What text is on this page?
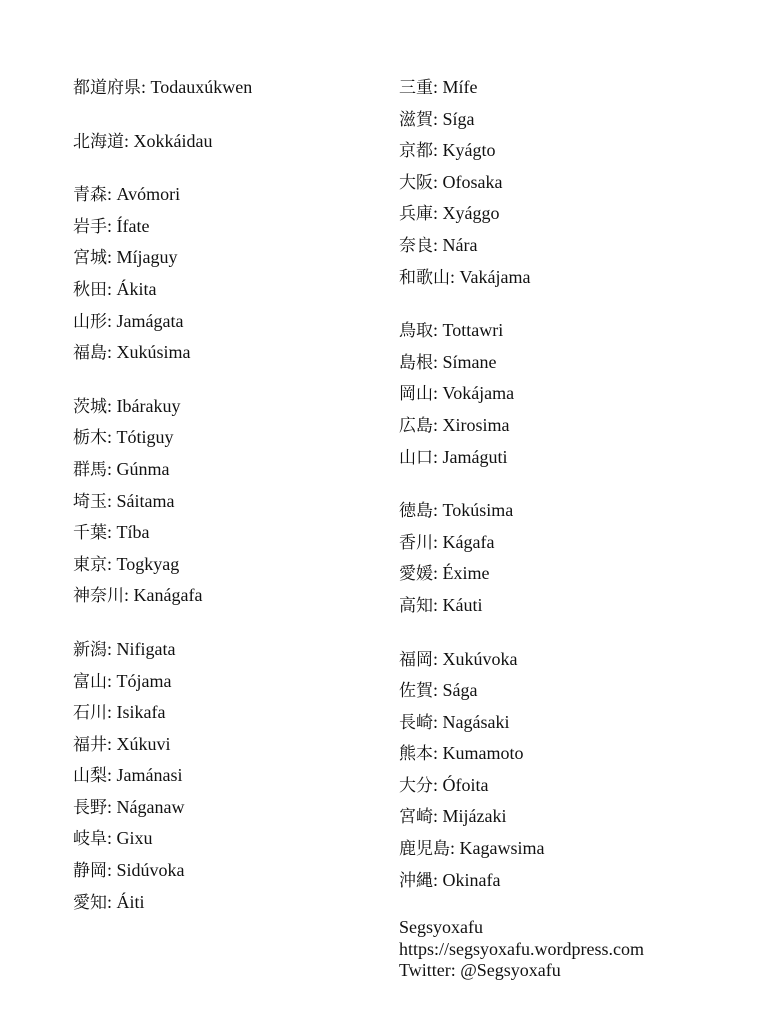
都道府県: Todauxúkwen
北海道: Xokkáidau
青森: Avómori
岩手: Ífate
宮城: Míjaguy
秋田: Ákita
山形: Jamágata
福島: Xukúsima
茨城: Ibárakuy
栃木: Tótiguy
群馬: Gúnma
埼玉: Sáitama
千葉: Tíba
東京: Togkyag
神奈川: Kanágafa
新潟: Nifigata
富山: Tójama
石川: Isikafa
福井: Xúkuvi
山梨: Jamánasi
長野: Náganaw
岐阜: Gixu
静岡: Sidúvoka
愛知: Áiti
三重: Mífe
滋賀: Síga
京都: Kyágto
大阪: Ofosaka
兵庫: Xyággo
奈良: Nára
和歌山: Vakájama
鳥取: Tottawri
島根: Símane
岡山: Vokájama
広島: Xirosima
山口: Jamáguti
徳島: Tokúsima
香川: Kágafa
愛媛: Éxime
高知: Káuti
福岡: Xukúvoka
佐賀: Sága
長崎: Nagásaki
熊本: Kumamoto
大分: Ófoita
宮崎: Mijázaki
鹿児島: Kagawsima
沖縄: Okinafa
Segsyoxafu
https://segsyoxafu.wordpress.com
Twitter: @Segsyoxafu
